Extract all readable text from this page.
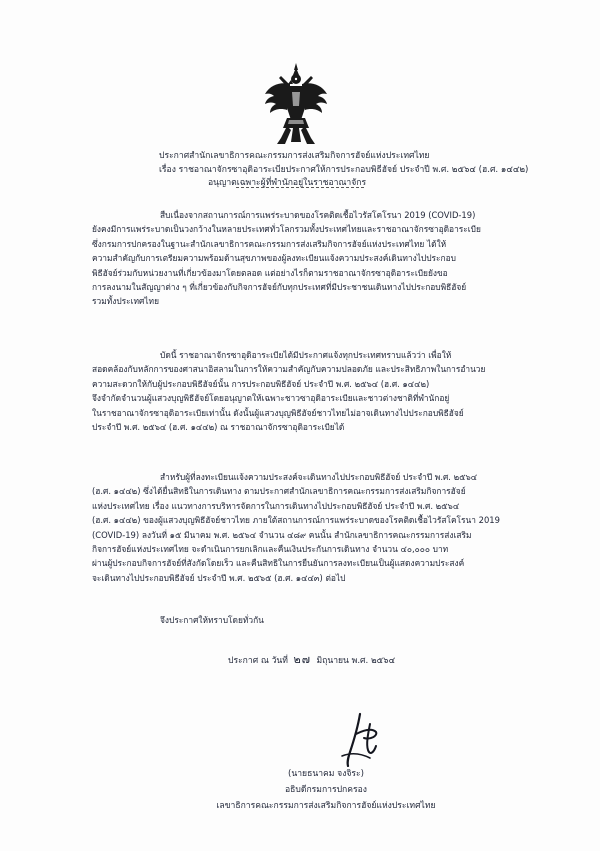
ประกาศสำนักเลขาธิการคณะกรรมการส่งเสริมกิจการฮัจย์แห่งประเทศไทย
เรื่อง ราชอาณาจักรซาอุดิอาระเบียประกาศให้การประกอบพิธีฮัจย์ ประจำปี พ.ศ. ๒๕๖๔ (ฮ.ศ. ๑๔๔๒)
อนุญาตเฉพาะผู้ที่พำนักอยู่ในราชอาณาจักร
สืบเนื่องจากสถานการณ์การแพร่ระบาดของโรคติดเชื้อไวรัสโคโรนา 2019 (COVID-19)
ยังคงมีการแพร่ระบาดเป็นวงกว้างในหลายประเทศทั่วโลกรวมทั้งประเทศไทยและราชอาณาจักรซาอุดิอาระเบีย
ซึ่งกรมการปกครองในฐานะสำนักเลขาธิการคณะกรรมการส่งเสริมกิจการฮัจย์แห่งประเทศไทย ได้ให้
ความสำคัญกับการเตรียมความพร้อมด้านสุขภาพของผู้ลงทะเบียนแจ้งความประสงค์เดินทางไปประกอบ
พิธีฮัจย์ร่วมกับหน่วยงานที่เกี่ยวข้องมาโดยตลอด แต่อย่างไรก็ตามราชอาณาจักรซาอุดิอาระเบียยังขอ
การลงนามในสัญญาต่าง ๆ ที่เกี่ยวข้องกับกิจการฮัจย์กับทุกประเทศที่มีประชาชนเดินทางไปประกอบพิธีฮัจย์
รวมทั้งประเทศไทย
บัดนี้ ราชอาณาจักรซาอุดิอาระเบียได้มีประกาศแจ้งทุกประเทศทราบแล้วว่า เพื่อให้
สอดคล้องกับหลักการของศาสนาอิสลามในการให้ความสำคัญกับความปลอดภัย และประสิทธิภาพในการอำนวย
ความสะดวกให้กับผู้ประกอบพิธีฮัจย์นั้น การประกอบพิธีฮัจย์ ประจำปี พ.ศ. ๒๕๖๔ (ฮ.ศ. ๑๔๔๒)
จึงจำกัดจำนวนผู้แสวงบุญพิธีฮัจย์โดยอนุญาตให้เฉพาะชาวซาอุดิอาระเบียและชาวต่างชาติที่พำนักอยู่
ในราชอาณาจักรซาอุดิอาระเบียเท่านั้น ดังนั้นผู้แสวงบุญพิธีฮัจย์ชาวไทยไม่อาจเดินทางไปประกอบพิธีฮัจย์
ประจำปี พ.ศ. ๒๕๖๔ (ฮ.ศ. ๑๔๔๒) ณ ราชอาณาจักรซาอุดิอาระเบียได้
สำหรับผู้ที่ลงทะเบียนแจ้งความประสงค์จะเดินทางไปประกอบพิธีฮัจย์ ประจำปี พ.ศ. ๒๕๖๔
(ฮ.ศ. ๑๔๔๒) ซึ่งได้ยื่นสิทธิในการเดินทาง ตามประกาศสำนักเลขาธิการคณะกรรมการส่งเสริมกิจการฮัจย์
แห่งประเทศไทย เรื่อง แนวทางการบริหารจัดการในการเดินทางไปประกอบพิธีฮัจย์ ประจำปี พ.ศ. ๒๕๖๔
(ฮ.ศ. ๑๔๔๒) ของผู้แสวงบุญพิธีฮัจย์ชาวไทย ภายใต้สถานการณ์การแพร่ระบาดของโรคติดเชื้อไวรัสโคโรนา 2019
(COVID-19) ลงวันที่ ๑๕ มีนาคม พ.ศ. ๒๕๖๔ จำนวน ๔๘๙ คนนั้น สำนักเลขาธิการคณะกรรมการส่งเสริม
กิจการฮัจย์แห่งประเทศไทย จะดำเนินการยกเลิกและคืนเงินประกันการเดินทาง จำนวน ๔๐,๐๐๐ บาท
ผ่านผู้ประกอบกิจการฮัจย์ที่สังกัดโดยเร็ว และคืนสิทธิในการยืนยันการลงทะเบียนเป็นผู้แสดงความประสงค์
จะเดินทางไปประกอบพิธีฮัจย์ ประจำปี พ.ศ. ๒๕๖๕ (ฮ.ศ. ๑๔๔๓) ต่อไป
จึงประกาศให้ทราบโดยทั่วกัน
ประกาศ ณ วันที่ ๒๗ มิถุนายน พ.ศ. ๒๕๖๔
(นายธนาคม จงจิระ)
อธิบดีกรมการปกครอง
เลขาธิการคณะกรรมการส่งเสริมกิจการฮัจย์แห่งประเทศไทย
